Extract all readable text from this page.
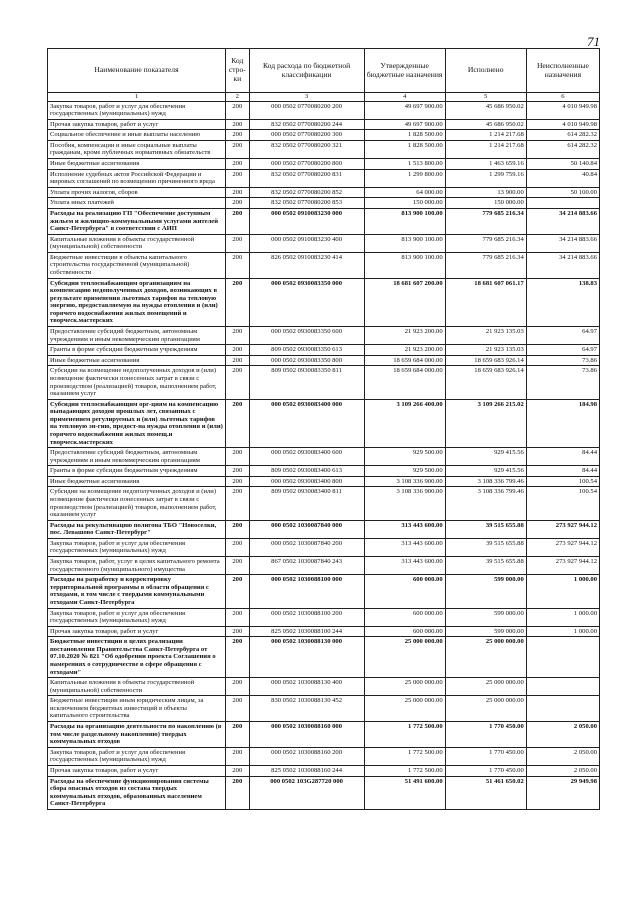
71
Наименование показателя	Код стро-ки	Код расхода по бюджетной классификации	Утвержденные бюджетные назначения	Исполнено	Неисполненные назначения
1	2	3	4	5	6
Закупка товаров, работ и услуг для обеспечения государственных (муниципальных) нужд	200	000 0502 0770080200 200	49 697 900.00	45 686 950.02	4 010 949.98
Прочая закупка товаров, работ и услуг	200	832 0502 0770080200 244	49 697 900.00	45 686 950.02	4 010 949.98
Социальное обеспечение и иные выплаты населению	200	000 0502 0770080200 300	1 828 500.00	1 214 217.68	614 282.32
Пособия, компенсации и иные социальные выплаты гражданам, кроме публичных нормативных обязательств	200	832 0502 0770080200 321	1 828 500.00	1 214 217.68	614 282.32
Иные бюджетные ассигнования	200	000 0502 0770080200 800	1 513 800.00	1 463 659.16	50 140.84
Исполнение судебных актов Российской Федерации и мировых соглашений по возмещению причиненного вреда	200	832 0502 0770080200 831	1 299 800.00	1 299 759.16	40.84
Уплата прочих налогов, сборов	200	832 0502 0770080200 852	64 000.00	13 900.00	50 100.00
Уплата иных платежей	200	832 0502 0770080200 853	150 000.00	150 000.00	
Расходы на реализацию ГП "Обеспечение доступным жильем и жилищно-коммунальными услугами жителей Санкт-Петербурга" в соответствии с АИП	200	000 0502 0910083230 000	813 900 100.00	779 685 216.34	34 214 883.66
Капитальные вложения в объекты государственной (муниципальной) собственности	200	000 0502 0910083230 400	813 900 100.00	779 685 216.34	34 214 883.66
Бюджетные инвестиции в объекты капитального строительства государственной (муниципальной) собственности	200	826 0502 0910083230 414	813 900 100.00	779 685 216.34	34 214 883.66
Субсидии теплоснабжающим организациям на компенсацию недополученных доходов, возникающих в результате применения льготных тарифов на тепловую энергию, предоставляемую на нужды отопления и (или) горячего водоснабжения жилых помещений и творческ.мастерских	200	000 0502 0930083350 000	18 681 607 200.00	18 681 607 061.17	138.83
Предоставление субсидий бюджетным, автономным учреждениям и иным некоммерческим организациям	200	000 0502 0930083350 600	21 923 200.00	21 923 135.03	64.97
Гранты в форме субсидии бюджетным учреждениям	200	809 0502 0930083350 613	21 923 200.00	21 923 135.03	64.97
Иные бюджетные ассигнования	200	000 0502 0930083350 800	18 659 684 000.00	18 659 683 926.14	73.86
Субсидии на возмещение недополученных доходов и (или) возмещение фактически понесенных затрат в связи с производством (реализацией) товаров, выполнением работ, оказанием услуг	200	809 0502 0930083350 811	18 659 684 000.00	18 659 683 926.14	73.86
Субсидии теплоснабжающим орг-циям на компенсацию выпадающих доходов прошлых лет, связанных с применением регулируемых и (или) льготных тарифов на тепловую эн-гию, предост-на нужды отопления и (или) горячего водоснабжения жилых помещ.и творческ.мастерских	200	000 0502 0930083400 000	3 109 266 400.00	3 109 266 215.02	184.98
Предоставление субсидий бюджетным, автономным учреждениям и иным некоммерческим организациям	200	000 0502 0930083400 600	929 500.00	929 415.56	84.44
Гранты в форме субсидии бюджетным учреждениям	200	809 0502 0930083400 613	929 500.00	929 415.56	84.44
Иные бюджетные ассигнования	200	000 0502 0930083400 800	3 108 336 900.00	3 108 336 799.46	100.54
Субсидии на возмещение недополученных доходов и (или) возмещение фактически понесенных затрат в связи с производством (реализацией) товаров, выполнением работ, оказанием услуг	200	809 0502 0930083400 811	3 108 336 900.00	3 108 336 799.46	100.54
Расходы на рекультивацию полигона ТБО "Новоселки, пос. Левашово Санкт-Петербург"	200	000 0502 1030087840 000	313 443 600.00	39 515 655.88	273 927 944.12
Закупка товаров, работ и услуг для обеспечения государственных (муниципальных) нужд	200	000 0502 1030087840 200	313 443 600.00	39 515 655.88	273 927 944.12
Закупка товаров, работ, услуг в целях капитального ремонта государственного (муниципального) имущества	200	867 0502 1030087840 243	313 443 600.00	39 515 655.88	273 927 944.12
Расходы на разработку и корректировку территориальной программы в области обращения с отходами, в том числе с твердыми коммунальными отходами Санкт-Петербурга	200	000 0502 1030088100 000	600 000.00	599 000.00	1 000.00
Закупка товаров, работ и услуг для обеспечения государственных (муниципальных) нужд	200	000 0502 1030088100 200	600 000.00	599 000.00	1 000.00
Прочая закупка товаров, работ и услуг	200	825 0502 1030088100 244	600 000.00	599 000.00	1 000.00
Бюджетные инвестиции в целях реализации постановления Правительства Санкт-Петербурга от 07.10.2020 № 821 "Об одобрении проекта Соглашения о намерениях о сотрудничестве в сфере обращения с отходами"	200	000 0502 1030088130 000	25 000 000.00	25 000 000.00	
Капитальные вложения в объекты государственной (муниципальной) собственности	200	000 0502 1030088130 400	25 000 000.00	25 000 000.00	
Бюджетные инвестиции иным юридическим лицам, за исключением бюджетных инвестиций в объекты капитального строительства	200	830 0502 1030088130 452	25 000 000.00	25 000 000.00	
Расходы на организацию деятельности по накоплению (в том числе раздельному накоплению) твердых коммунальных отходов	200	000 0502 1030088160 000	1 772 500.00	1 770 450.00	2 050.00
Закупка товаров, работ и услуг для обеспечения государственных (муниципальных) нужд	200	000 0502 1030088160 200	1 772 500.00	1 770 450.00	2 050.00
Прочая закупка товаров, работ и услуг	200	825 0502 1030088160 244	1 772 500.00	1 770 450.00	2 050.00
Расходы на обеспечение функционирования системы сбора опасных отходов из состава твердых коммунальных отходов, образованных населением Санкт-Петербурга	200	000 0502 103G287720 000	51 491 600.00	51 461 650.02	29 949.98
